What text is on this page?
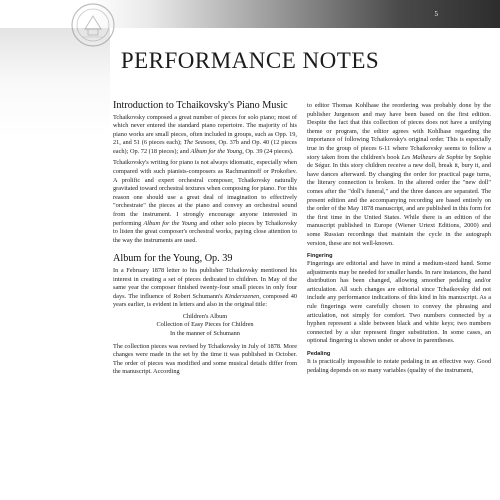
5
PERFORMANCE NOTES
Introduction to Tchaikovsky's Piano Music

Tchaikovsky composed a great number of pieces for solo piano; most of which never entered the standard piano repertoire. The majority of his piano works are small pieces, often included in groups, such as Opp. 19, 21, and 51 (6 pieces each); The Seasons, Op. 37b and Op. 40 (12 pieces each); Op. 72 (18 pieces); and Album for the Young, Op. 39 (24 pieces).

Tchaikovsky's writing for piano is not always idiomatic, especially when compared with such pianists-composers as Rachmaninoff or Prokofiev. A prolific and expert orchestral composer, Tchaikovsky naturally gravitated toward orchestral textures when composing for piano. For this reason one should use a great deal of imagination to effectively "orchestrate" the pieces at the piano and convey an orchestral sound from the instrument. I strongly encourage anyone interested in performing Album for the Young and other solo pieces by Tchaikovsky to listen the great composer's orchestral works, paying close attention to the way the instruments are used.

Album for the Young, Op. 39

In a February 1878 letter to his publisher Tchaikovsky mentioned his interest in creating a set of pieces dedicated to children. In May of the same year the composer finished twenty-four small pieces in only four days. The influence of Robert Schumann's Kinderszenen, composed 40 years earlier, is evident in letters and also in the original title:

Children's Album
Collection of Easy Pieces for Children
In the manner of Schumann

The collection pieces was revised by Tchaikovsky in July of 1878. More changes were made in the set by the time it was published in October. The order of pieces was modified and some musical details differ from the manuscript. According

to editor Thomas Kohlhase the reordering was probably done by the publisher Jurgenson and may have been based on the first edition. Despite the fact that this collection of pieces does not have a unifying theme or program, the editor agrees with Kohlhase regarding the importance of following Tchaikovsky's original order. This is especially true in the group of pieces 6-11 where Tchaikovsky seems to follow a story taken from the children's book Les Malheurs de Sophie by Sophie de Ségur. In this story children receive a new doll, break it, bury it, and have dances afterward. By changing the order for practical page turns, the literary connection is broken. In the altered order the "new doll" comes after the "doll's funeral," and the three dances are separated. The present edition and the accompanying recording are based entirely on the order of the May 1878 manuscript, and are published in this form for the first time in the United States. While there is an edition of the manuscript published in Europe (Wiener Urtext Editions, 2000) and some Russian recordings that maintain the cycle in the autograph version, these are not well-known.

Fingering

Fingerings are editorial and have in mind a medium-sized hand. Some adjustments may be needed for smaller hands. In rare instances, the hand distribution has been changed, allowing smoother pedaling and/or articulation. All such changes are editorial since Tchaikovsky did not include any performance indications of this kind in his manuscript. As a rule fingerings were carefully chosen to convey the phrasing and articulation, not simply for comfort. Two numbers connected by a hyphen represent a slide between black and white keys; two numbers connected by a slur represent finger substitution. In some cases, an optional fingering is shown under or above in parentheses.

Pedaling

It is practically impossible to notate pedaling in an effective way. Good pedaling depends on so many variables (quality of the instrument,
